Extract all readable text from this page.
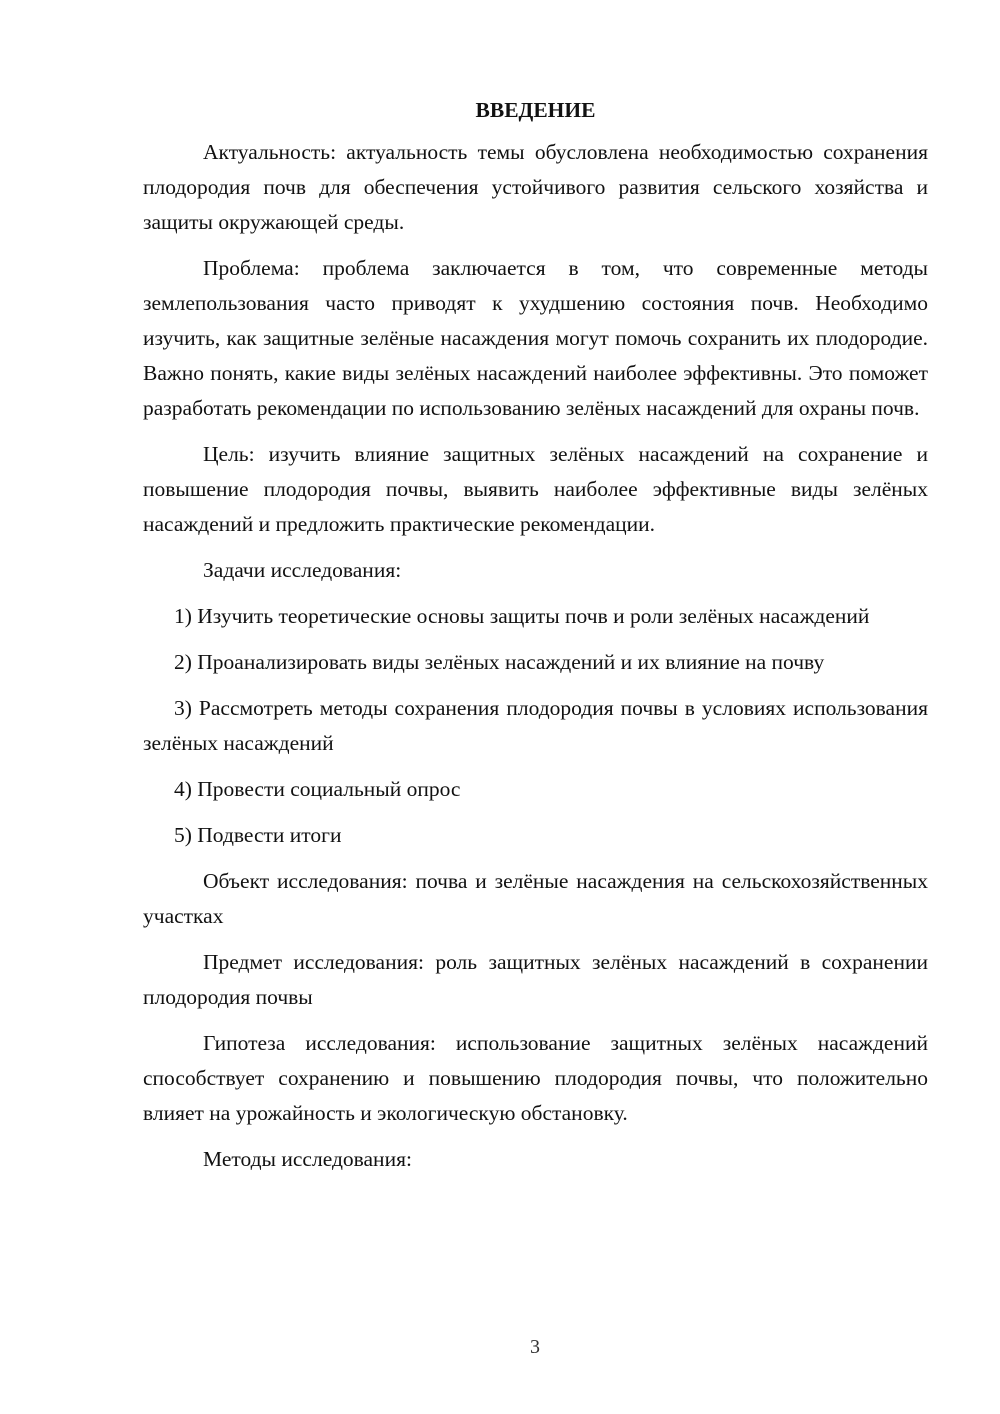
ВВЕДЕНИЕ

Актуальность: актуальность темы обусловлена необходимостью сохранения плодородия почв для обеспечения устойчивого развития сельского хозяйства и защиты окружающей среды.

Проблема: проблема заключается в том, что современные методы землепользования часто приводят к ухудшению состояния почв. Необходимо изучить, как защитные зелёные насаждения могут помочь сохранить их плодородие. Важно понять, какие виды зелёных насаждений наиболее эффективны. Это поможет разработать рекомендации по использованию зелёных насаждений для охраны почв.

Цель: изучить влияние защитных зелёных насаждений на сохранение и повышение плодородия почвы, выявить наиболее эффективные виды зелёных насаждений и предложить практические рекомендации.

Задачи исследования:

1) Изучить теоретические основы защиты почв и роли зелёных насаждений

2) Проанализировать виды зелёных насаждений и их влияние на почву

3) Рассмотреть методы сохранения плодородия почвы в условиях использования зелёных насаждений

4) Провести социальный опрос

5) Подвести итоги

Объект исследования: почва и зелёные насаждения на сельскохозяйственных участках

Предмет исследования: роль защитных зелёных насаждений в сохранении плодородия почвы

Гипотеза исследования: использование защитных зелёных насаждений способствует сохранению и повышению плодородия почвы, что положительно влияет на урожайность и экологическую обстановку.

Методы исследования:

3
